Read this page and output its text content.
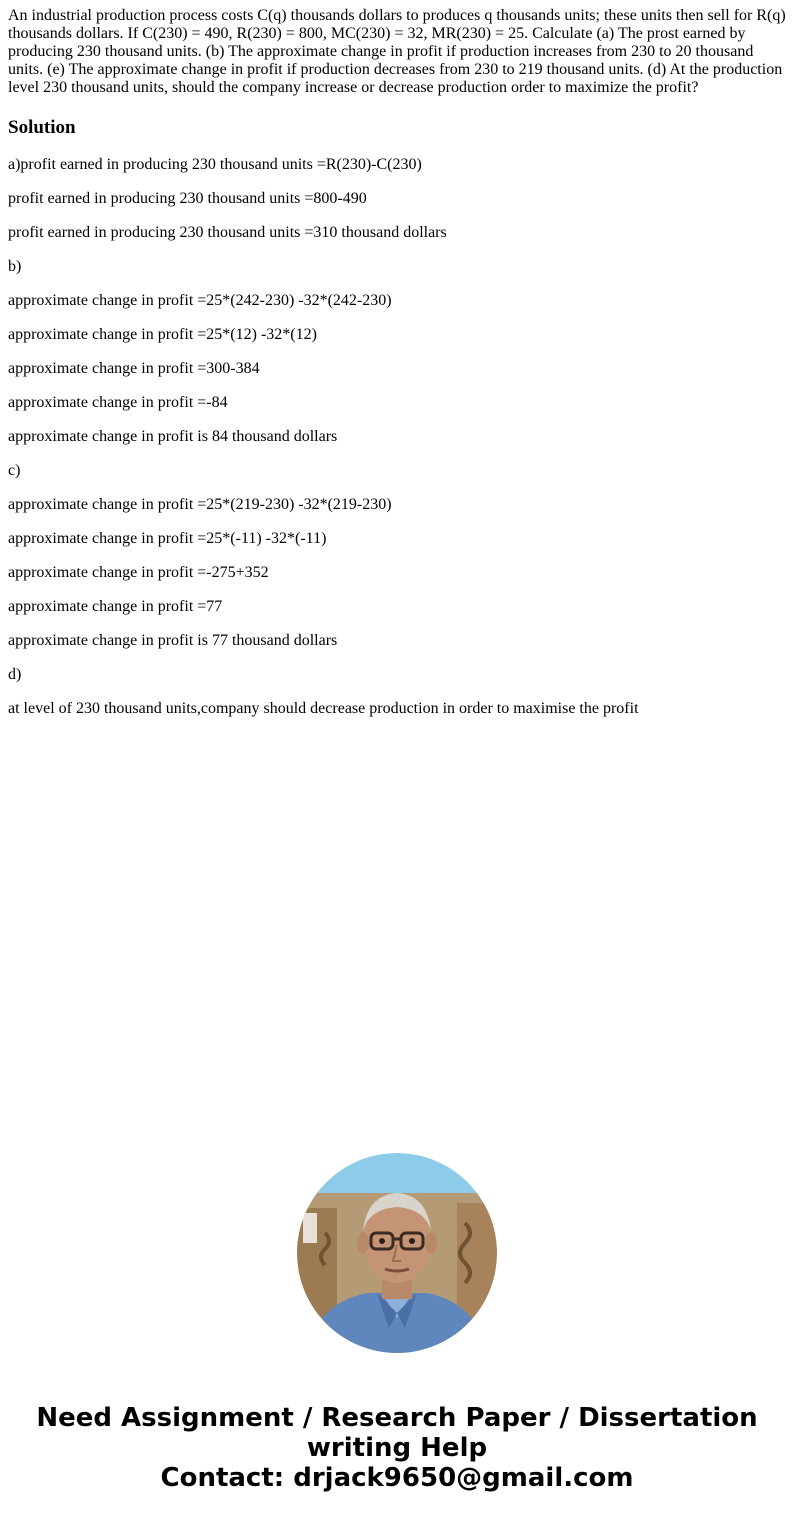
An industrial production process costs C(q) thousands dollars to produces q thousands units; these units then sell for R(q) thousands dollars. If C(230) = 490, R(230) = 800, MC(230) = 32, MR(230) = 25. Calculate (a) The prost earned by producing 230 thousand units. (b) The approximate change in profit if production increases from 230 to 20 thousand units. (e) The approximate change in profit if production decreases from 230 to 219 thousand units. (d) At the production level 230 thousand units, should the company increase or decrease production order to maximize the profit?

Solution

a)profit earned in producing 230 thousand units =R(230)-C(230)

profit earned in producing 230 thousand units =800-490

profit earned in producing 230 thousand units =310 thousand dollars

b)

approximate change in profit =25*(242-230) -32*(242-230)

approximate change in profit =25*(12) -32*(12)

approximate change in profit =300-384

approximate change in profit =-84

approximate change in profit is 84 thousand dollars

c)

approximate change in profit =25*(219-230) -32*(219-230)

approximate change in profit =25*(-11) -32*(-11)

approximate change in profit =-275+352

approximate change in profit =77

approximate change in profit is 77 thousand dollars

d)

at level of 230 thousand units,company should decrease production in order to maximise the profit

Need Assignment / Research Paper / Dissertation
writing Help
Contact: drjack9650@gmail.com
